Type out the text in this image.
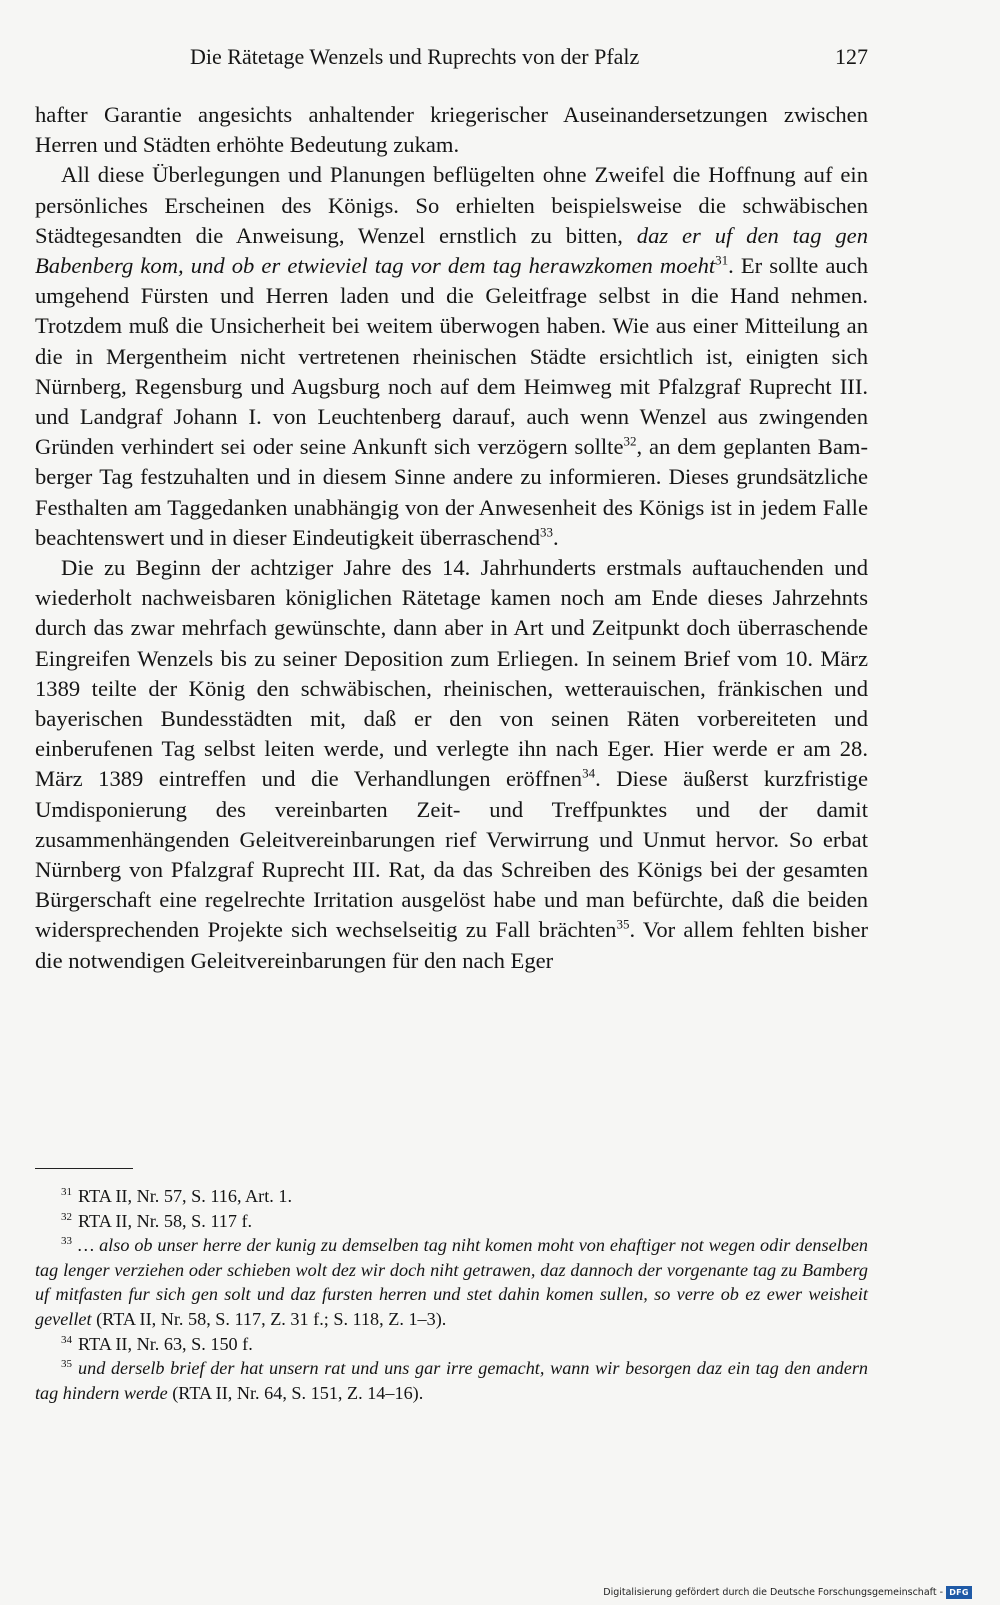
Die Rätetage Wenzels und Ruprechts von der Pfalz	127

hafter Garantie angesichts anhaltender kriegerischer Auseinandersetzungen zwischen Herren und Städten erhöhte Bedeutung zukam.

All diese Überlegungen und Planungen beflügelten ohne Zweifel die Hoffnung auf ein persönliches Erscheinen des Königs. So erhielten beispielsweise die schwäbischen Städtegesandten die Anweisung, Wenzel ernstlich zu bitten, daz er uf den tag gen Babenberg kom, und ob er etwieviel tag vor dem tag herawzkomen moeht$^{31}$. Er sollte auch umgehend Fürsten und Herren laden und die Geleitfrage selbst in die Hand nehmen. Trotzdem muß die Unsicherheit bei weitem überwogen haben. Wie aus einer Mitteilung an die in Mergentheim nicht vertretenen rheinischen Städte ersichtlich ist, einigten sich Nürnberg, Regensburg und Augsburg noch auf dem Heimweg mit Pfalzgraf Ruprecht III. und Landgraf Johann I. von Leuchtenberg darauf, auch wenn Wenzel aus zwingenden Gründen verhindert sei oder seine Ankunft sich verzögern sollte$^{32}$, an dem geplanten Bamberger Tag festzuhalten und in diesem Sinne andere zu informieren. Dieses grundsätzliche Festhalten am Taggedanken unabhängig von der Anwesenheit des Königs ist in jedem Falle beachtenswert und in dieser Eindeutigkeit überraschend$^{33}$.

Die zu Beginn der achtziger Jahre des 14. Jahrhunderts erstmals auftauchenden und wiederholt nachweisbaren königlichen Rätetage kamen noch am Ende dieses Jahrzehnts durch das zwar mehrfach gewünschte, dann aber in Art und Zeitpunkt doch überraschende Eingreifen Wenzels bis zu seiner Deposition zum Erliegen. In seinem Brief vom 10. März 1389 teilte der König den schwäbischen, rheinischen, wetterauischen, fränkischen und bayerischen Bundesstädten mit, daß er den von seinen Räten vorbereiteten und einberufenen Tag selbst leiten werde, und verlegte ihn nach Eger. Hier werde er am 28. März 1389 eintreffen und die Verhandlungen eröffnen$^{34}$. Diese äußerst kurzfristige Umdisponierung des vereinbarten Zeit- und Treffpunktes und der damit zusammenhängenden Geleitvereinbarungen rief Verwirrung und Unmut hervor. So erbat Nürnberg von Pfalzgraf Ruprecht III. Rat, da das Schreiben des Königs bei der gesamten Bürgerschaft eine regelrechte Irritation ausgelöst habe und man befürchte, daß die beiden widersprechenden Projekte sich wechselseitig zu Fall brächten$^{35}$. Vor allem fehlten bisher die notwendigen Geleitvereinbarungen für den nach Eger

$^{31}$ RTA II, Nr. 57, S. 116, Art. 1.

$^{32}$ RTA II, Nr. 58, S. 117 f.

$^{33}$ … also ob unser herre der kunig zu demselben tag niht komen moht von ehaftiger not wegen odir denselben tag lenger verziehen oder schieben wolt dez wir doch niht getrawen, daz dannoch der vorgenante tag zu Bamberg uf mitfasten fur sich gen solt und daz fursten herren und stet dahin komen sullen, so verre ob ez ewer weisheit gevellet (RTA II, Nr. 58, S. 117, Z. 31 f.; S. 118, Z. 1–3).

$^{34}$ RTA II, Nr. 63, S. 150 f.

$^{35}$ und derselb brief der hat unsern rat und uns gar irre gemacht, wann wir besorgen daz ein tag den andern tag hindern werde (RTA II, Nr. 64, S. 151, Z. 14–16).

Digitalisierung gefördert durch die Deutsche Forschungsgemeinschaft - DFG
